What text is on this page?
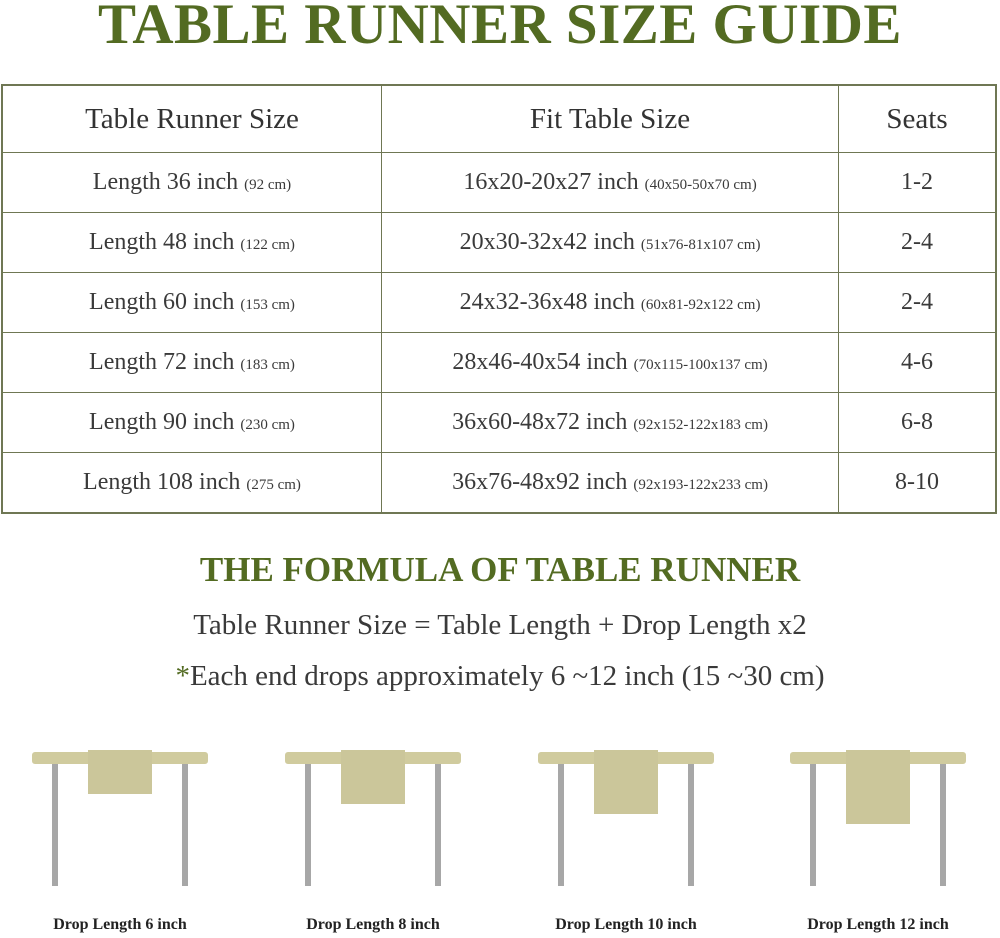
TABLE RUNNER SIZE GUIDE
Table Runner Size	Fit Table Size	Seats
Length 36 inch (92 cm)	16x20-20x27 inch (40x50-50x70 cm)	1-2
Length 48 inch (122 cm)	20x30-32x42 inch (51x76-81x107 cm)	2-4
Length 60 inch (153 cm)	24x32-36x48 inch (60x81-92x122 cm)	2-4
Length 72 inch (183 cm)	28x46-40x54 inch (70x115-100x137 cm)	4-6
Length 90 inch (230 cm)	36x60-48x72 inch (92x152-122x183 cm)	6-8
Length 108 inch (275 cm)	36x76-48x92 inch (92x193-122x233 cm)	8-10
THE FORMULA OF TABLE RUNNER
Table Runner Size = Table Length + Drop Length x2
*Each end drops approximately 6 ~12 inch (15 ~30 cm)
Drop Length 6 inch	Drop Length 8 inch	Drop Length 10 inch	Drop Length 12 inch
